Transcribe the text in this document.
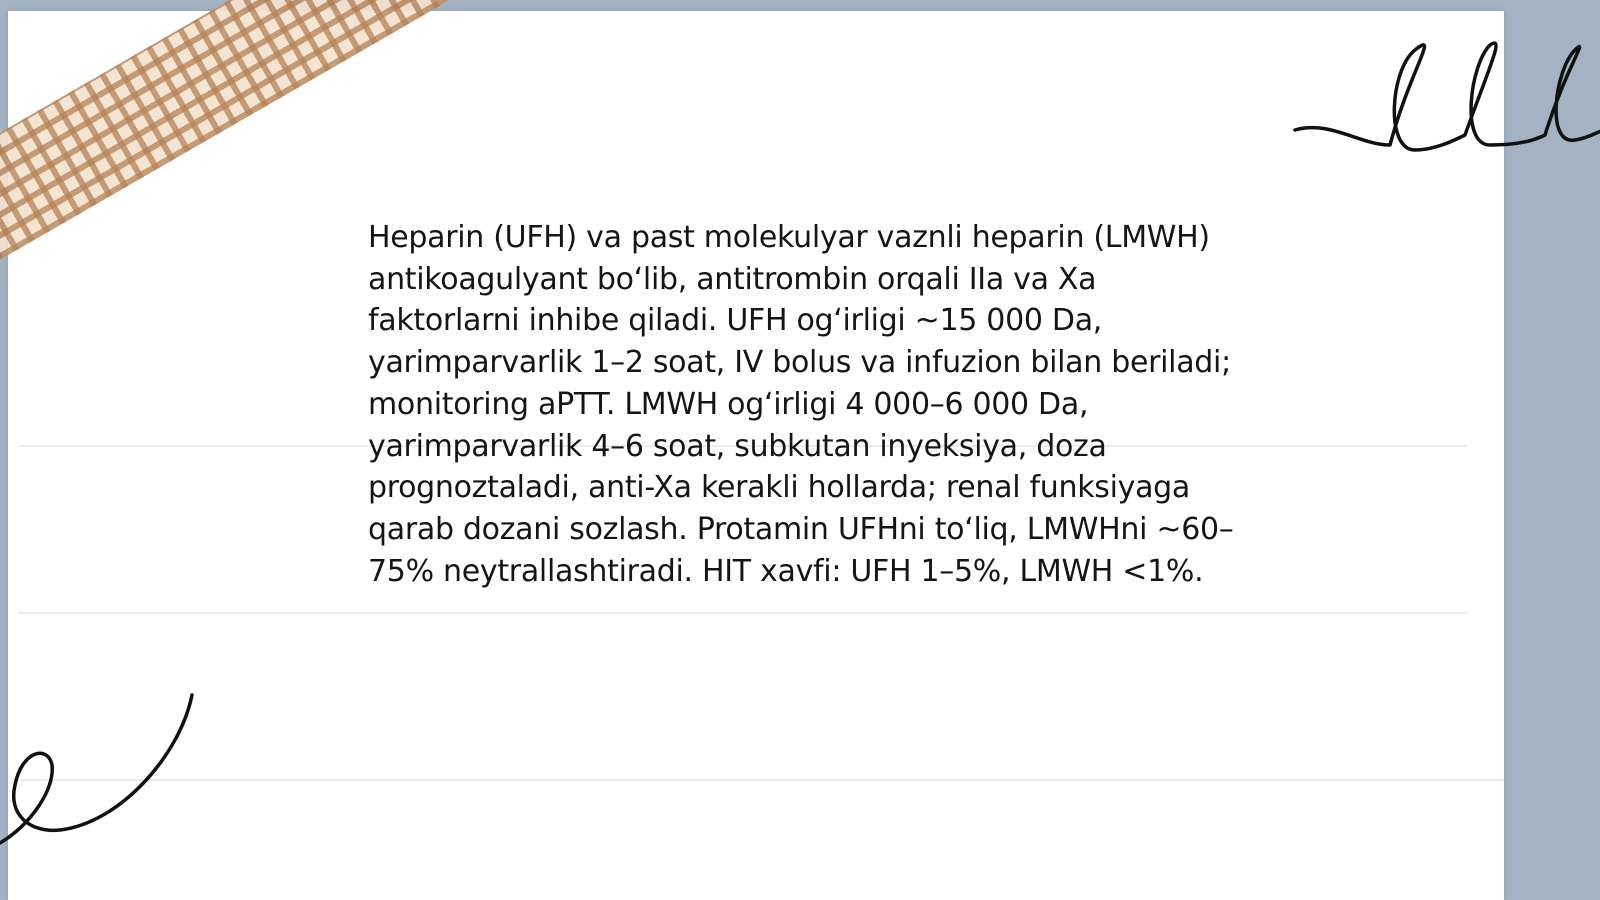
Heparin (UFH) va past molekulyar vaznli heparin (LMWH) antikoagulyant bo‘lib, antitrombin orqali IIa va Xa faktorlarni inhibe qiladi. UFH og‘irligi ~15 000 Da, yarimparvarlik 1–2 soat, IV bolus va infuzion bilan beriladi; monitoring aPTT. LMWH og‘irligi 4 000–6 000 Da, yarimparvarlik 4–6 soat, subkutan inyeksiya, doza prognoztaladi, anti-Xa kerakli hollarda; renal funksiyaga qarab dozani sozlash. Protamin UFHni to‘liq, LMWHni ~60–75% neytrallashtiradi. HIT xavfi: UFH 1–5%, LMWH <1%.
